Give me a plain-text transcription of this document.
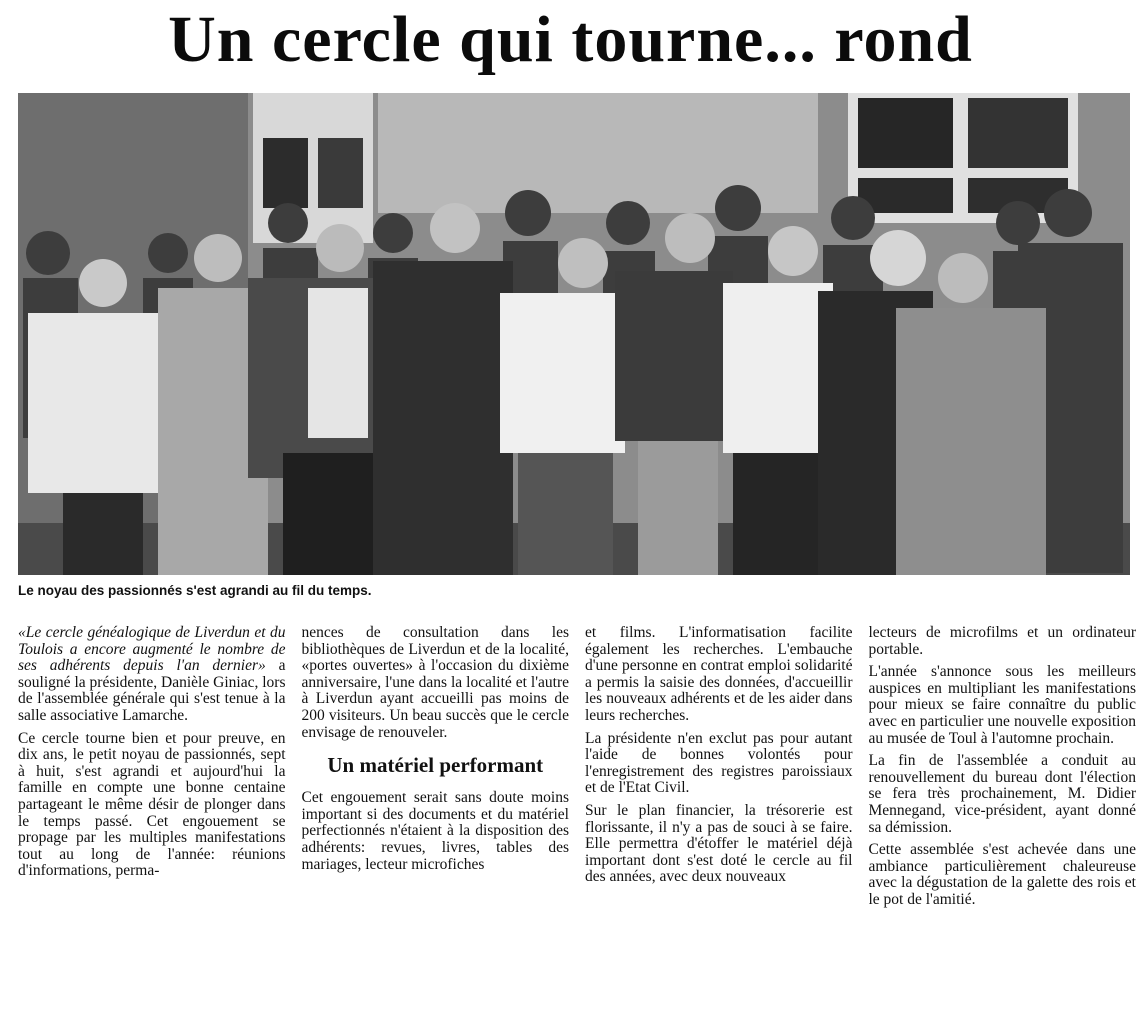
Un cercle qui tourne... rond
Le noyau des passionnés s'est agrandi au fil du temps.

«Le cercle généalogique de Liverdun et du Toulois a encore augmenté le nombre de ses adhérents depuis l'an dernier» a souligné la présidente, Danièle Giniac, lors de l'assemblée générale qui s'est tenue à la salle associative Lamarche.

Ce cercle tourne bien et pour preuve, en dix ans, le petit noyau de passionnés, sept à huit, s'est agrandi et aujourd'hui la famille en compte une bonne centaine partageant le même désir de plonger dans le temps passé. Cet engouement se propage par les multiples manifestations tout au long de l'année: réunions d'informations, perma-

nences de consultation dans les bibliothèques de Liverdun et de la localité, «portes ouvertes» à l'occasion du dixième anniversaire, l'une dans la localité et l'autre à Liverdun ayant accueilli pas moins de 200 visiteurs. Un beau succès que le cercle envisage de renouveler.

Un matériel performant

Cet engouement serait sans doute moins important si des documents et du matériel perfectionnés n'étaient à la disposition des adhérents: revues, livres, tables des mariages, lecteur microfiches

et films. L'informatisation facilite également les recherches. L'embauche d'une personne en contrat emploi solidarité a permis la saisie des données, d'accueillir les nouveaux adhérents et de les aider dans leurs recherches.

La présidente n'en exclut pas pour autant l'aide de bonnes volontés pour l'enregistrement des registres paroissiaux et de l'Etat Civil.

Sur le plan financier, la trésorerie est florissante, il n'y a pas de souci à se faire. Elle permettra d'étoffer le matériel déjà important dont s'est doté le cercle au fil des années, avec deux nouveaux

lecteurs de microfilms et un ordinateur portable.

L'année s'annonce sous les meilleurs auspices en multipliant les manifestations pour mieux se faire connaître du public avec en particulier une nouvelle exposition au musée de Toul à l'automne prochain.

La fin de l'assemblée a conduit au renouvellement du bureau dont l'élection se fera très prochainement, M. Didier Mennegand, vice-président, ayant donné sa démission.

Cette assemblée s'est achevée dans une ambiance particulièrement chaleureuse avec la dégustation de la galette des rois et le pot de l'amitié.
